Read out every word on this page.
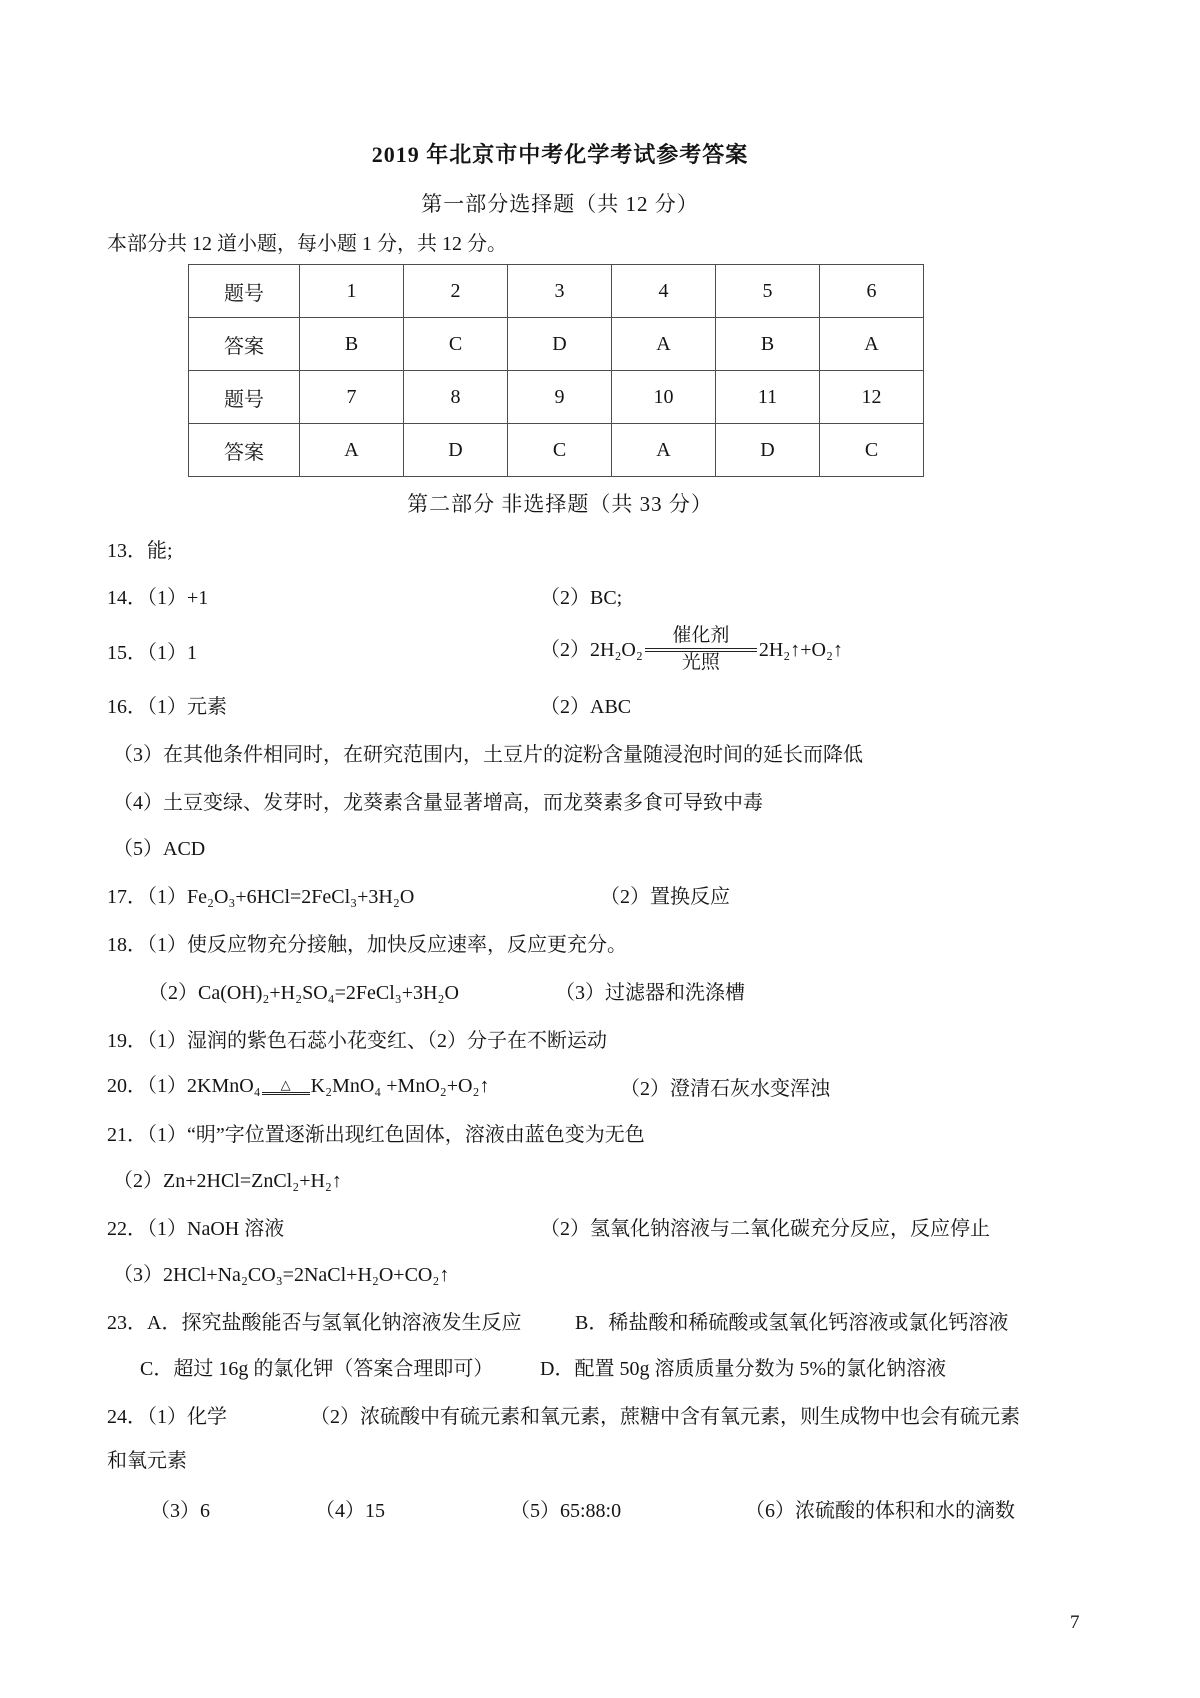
2019 年北京市中考化学考试参考答案
第一部分选择题（共 12 分）
本部分共 12 道小题，每小题 1 分，共 12 分。
题号	1	2	3	4	5	6
答案	B	C	D	A	B	A
题号	7	8	9	10	11	12
答案	A	D	C	A	D	C
第二部分 非选择题（共 33 分）
13．能;
14．（1）+1	（2）BC;
15．（1）1	$(2)2H_2O_2 \frac{\text{催化剂}}{\text{光照}}$ 2H₂↑+O₂↑
16．（1）元素	（2）ABC
（3）在其他条件相同时，在研究范围内，土豆片的淀粉含量随浸泡时间的延长而降低
（4）土豆变绿、发芽时，龙葵素含量显著增高，而龙葵素多食可导致中毒
（5）ACD
17．（1）Fe₂O₃+6HCl=2FeCl₃+3H₂O	（2）置换反应
18．（1）使反应物充分接触，加快反应速率，反应更充分。
（2）Ca(OH)₂+H₂SO₄=2FeCl₃+3H₂O	（3）过滤器和洗涤槽
19．（1）湿润的紫色石蕊小花变红、（2）分子在不断运动
20．（1）2KMnO₄ △ K₂MnO₄ +MnO₂+O₂↑	（2）澄清石灰水变浑浊
21．（1）“明”字位置逐渐出现红色固体，溶液由蓝色变为无色
（2）Zn+2HCl=ZnCl₂+H₂↑
22．（1）NaOH 溶液	（2）氢氧化钠溶液与二氧化碳充分反应，反应停止
（3）2HCl+Na₂CO₃=2NaCl+H₂O+CO₂↑
23．A．探究盐酸能否与氢氧化钠溶液发生反应	B．稀盐酸和稀硫酸或氢氧化钙溶液或氯化钙溶液
C．超过 16g 的氯化钾（答案合理即可） D．配置 50g 溶质质量分数为 5%的氯化钠溶液
24．（1）化学	（2）浓硫酸中有硫元素和氧元素，蔗糖中含有氧元素，则生成物中也会有硫元素
和氧元素
（3）6	（4）15	（5）65:88:0	（6）浓硫酸的体积和水的滴数
7
